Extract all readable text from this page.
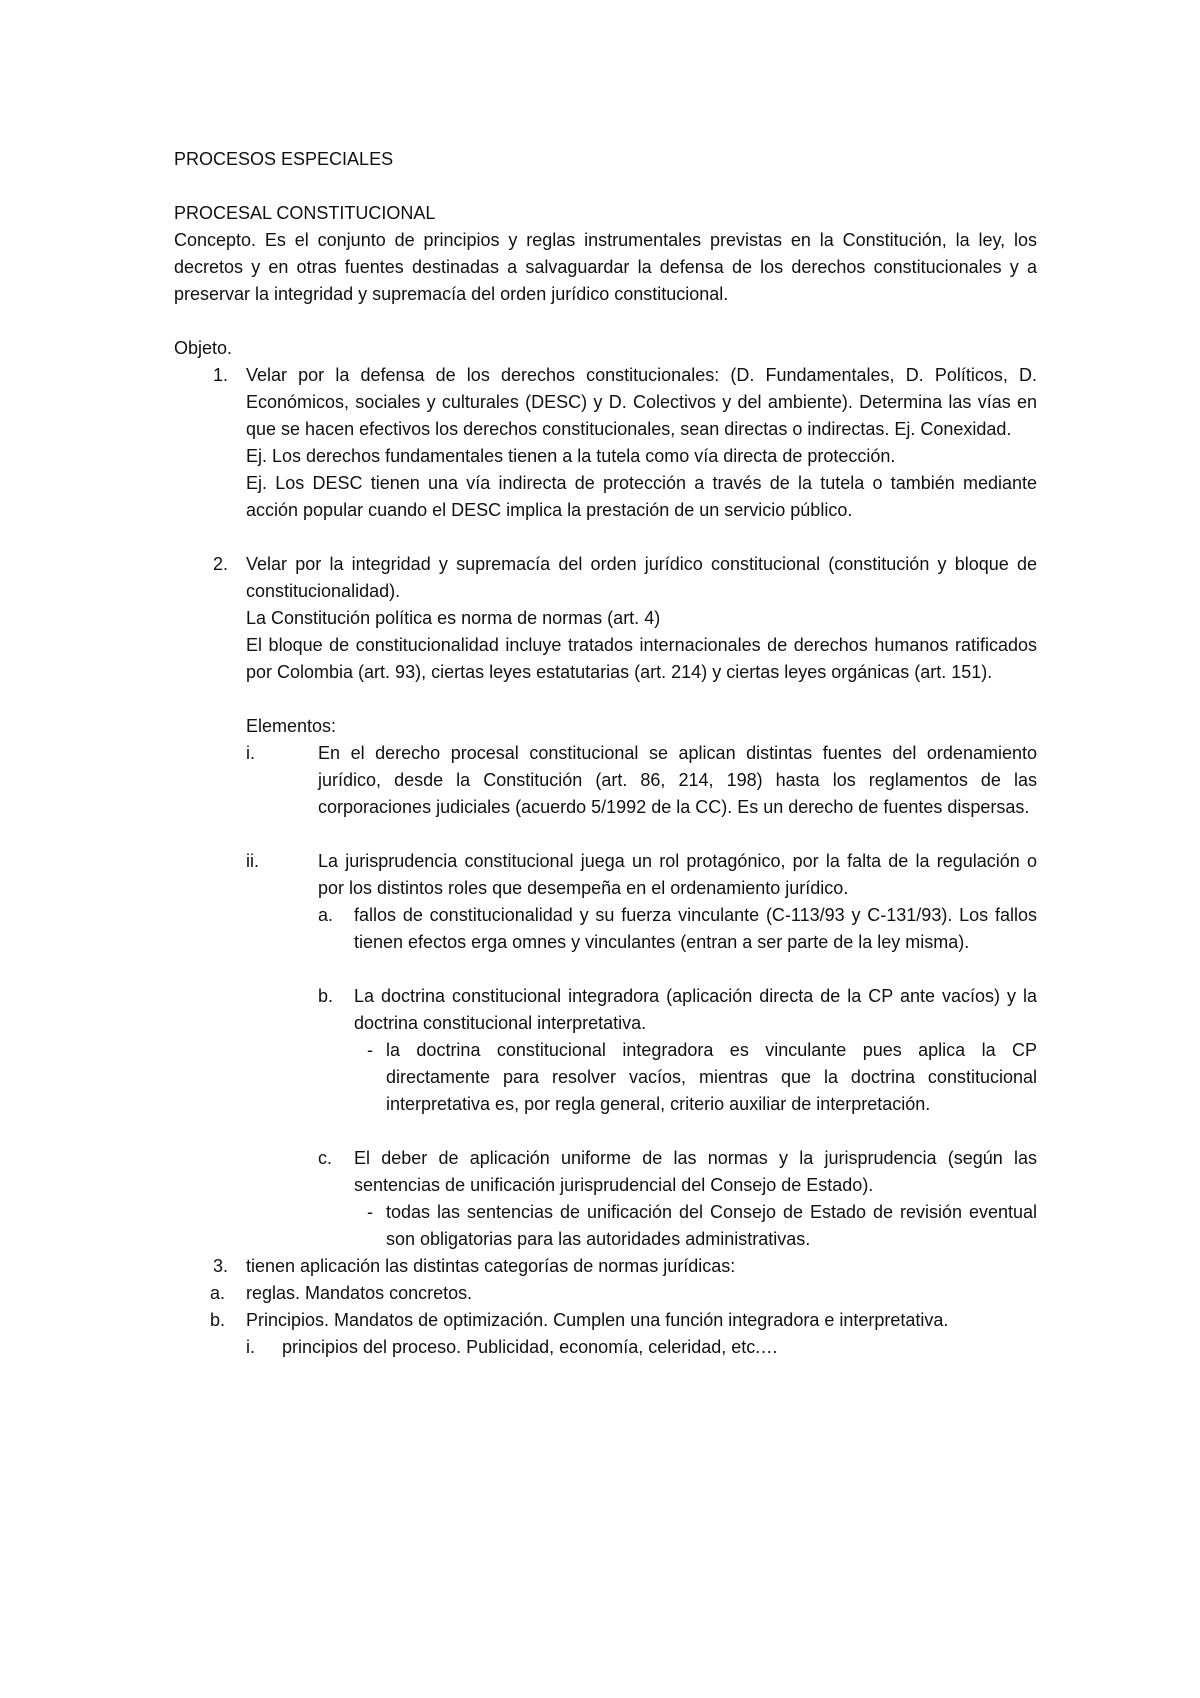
PROCESOS ESPECIALES

PROCESAL CONSTITUCIONAL

Concepto. Es el conjunto de principios y reglas instrumentales previstas en la Constitución, la ley, los decretos y en otras fuentes destinadas a salvaguardar la defensa de los derechos constitucionales y a preservar la integridad y supremacía del orden jurídico constitucional.

Objeto.

1.	Velar por la defensa de los derechos constitucionales: (D. Fundamentales, D. Políticos, D. Económicos, sociales y culturales (DESC) y D. Colectivos y del ambiente). Determina las vías en que se hacen efectivos los derechos constitucionales, sean directas o indirectas. Ej. Conexidad.

Ej. Los derechos fundamentales tienen a la tutela como vía directa de protección.

Ej. Los DESC tienen una vía indirecta de protección a través de la tutela o también mediante acción popular cuando el DESC implica la prestación de un servicio público.

2.	Velar por la integridad y supremacía del orden jurídico constitucional (constitución y bloque de constitucionalidad).

La Constitución política es norma de normas (art. 4)

El bloque de constitucionalidad incluye tratados internacionales de derechos humanos ratificados por Colombia (art. 93), ciertas leyes estatutarias (art. 214) y ciertas leyes orgánicas (art. 151).

Elementos:

i.	En el derecho procesal constitucional se aplican distintas fuentes del ordenamiento jurídico, desde la Constitución (art. 86, 214, 198) hasta los reglamentos de las corporaciones judiciales (acuerdo 5/1992 de la CC). Es un derecho de fuentes dispersas.

ii.	La jurisprudencia constitucional juega un rol protagónico, por la falta de la regulación o por los distintos roles que desempeña en el ordenamiento jurídico.

a.	fallos de constitucionalidad y su fuerza vinculante (C-113/93 y C-131/93). Los fallos tienen efectos erga omnes y vinculantes (entran a ser parte de la ley misma).

b.	La doctrina constitucional integradora (aplicación directa de la CP ante vacíos) y la doctrina constitucional interpretativa.

- la doctrina constitucional integradora es vinculante pues aplica la CP directamente para resolver vacíos, mientras que la doctrina constitucional interpretativa es, por regla general, criterio auxiliar de interpretación.

c.	El deber de aplicación uniforme de las normas y la jurisprudencia (según las sentencias de unificación jurisprudencial del Consejo de Estado).

- todas las sentencias de unificación del Consejo de Estado de revisión eventual son obligatorias para las autoridades administrativas.

3.	tienen aplicación las distintas categorías de normas jurídicas:

a.	reglas. Mandatos concretos.

b.	Principios. Mandatos de optimización. Cumplen una función integradora e interpretativa.

i.	principios del proceso. Publicidad, economía, celeridad, etc.…
